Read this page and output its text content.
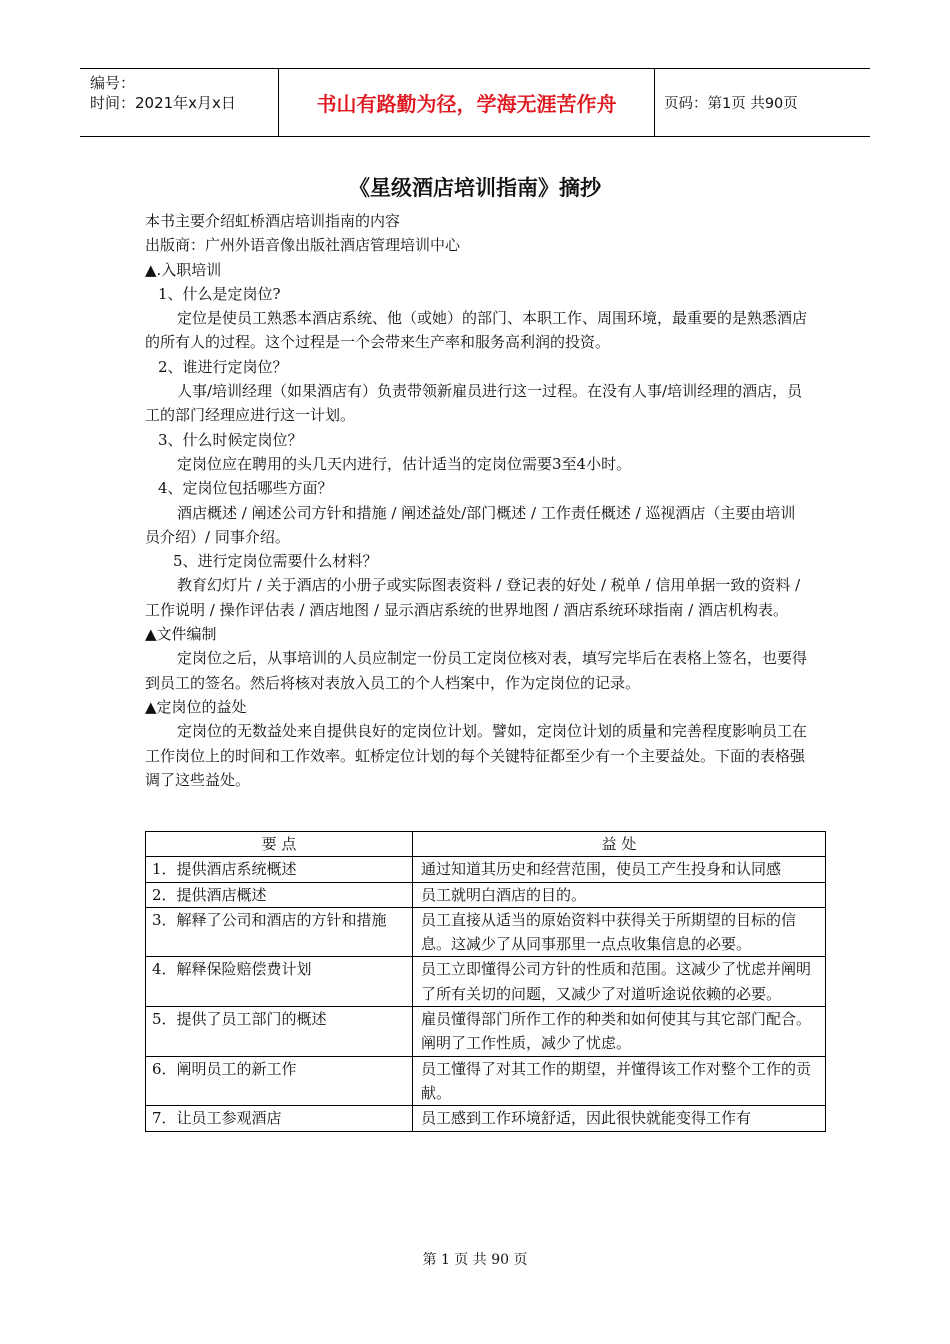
编号：
时间：2021年x月x日	书山有路勤为径，学海无涯苦作舟	页码：第1页 共90页
《星级酒店培训指南》摘抄

本书主要介绍虹桥酒店培训指南的内容

出版商：广州外语音像出版社酒店管理培训中心

▲.入职培训

1、什么是定岗位?

定位是使员工熟悉本酒店系统、他（或她）的部门、本职工作、周围环境，最重要的是熟悉酒店的所有人的过程。这个过程是一个会带来生产率和服务高利润的投资。

2、谁进行定岗位？

人事/培训经理（如果酒店有）负责带领新雇员进行这一过程。在没有人事/培训经理的酒店，员工的部门经理应进行这一计划。

3、什么时候定岗位？

定岗位应在聘用的头几天内进行，估计适当的定岗位需要3至4小时。

4、定岗位包括哪些方面？

酒店概述 / 阐述公司方针和措施 / 阐述益处/部门概述 / 工作责任概述 / 巡视酒店（主要由培训员介绍）/ 同事介绍。

5、进行定岗位需要什么材料？

教育幻灯片 / 关于酒店的小册子或实际图表资料 / 登记表的好处 / 税单 / 信用单据一致的资料 / 工作说明 / 操作评估表 / 酒店地图 / 显示酒店系统的世界地图 / 酒店系统环球指南 / 酒店机构表。

▲文件编制

定岗位之后，从事培训的人员应制定一份员工定岗位核对表，填写完毕后在表格上签名，也要得到员工的签名。然后将核对表放入员工的个人档案中，作为定岗位的记录。

▲定岗位的益处

定岗位的无数益处来自提供良好的定岗位计划。譬如，定岗位计划的质量和完善程度影响员工在工作岗位上的时间和工作效率。虹桥定位计划的每个关键特征都至少有一个主要益处。下面的表格强调了这些益处。

要 点	益 处
1．提供酒店系统概述	通过知道其历史和经营范围，使员工产生投身和认同感
2．提供酒店概述	员工就明白酒店的目的。
3．解释了公司和酒店的方针和措施	员工直接从适当的原始资料中获得关于所期望的目标的信息。这减少了从同事那里一点点收集信息的必要。
4．解释保险赔偿费计划	员工立即懂得公司方针的性质和范围。这减少了忧虑并阐明了所有关切的问题，又减少了对道听途说依赖的必要。
5．提供了员工部门的概述	雇员懂得部门所作工作的种类和如何使其与其它部门配合。阐明了工作性质，减少了忧虑。
6．阐明员工的新工作	员工懂得了对其工作的期望，并懂得该工作对整个工作的贡献。
7．让员工参观酒店	员工感到工作环境舒适，因此很快就能变得工作有
第 1 页 共 90 页
